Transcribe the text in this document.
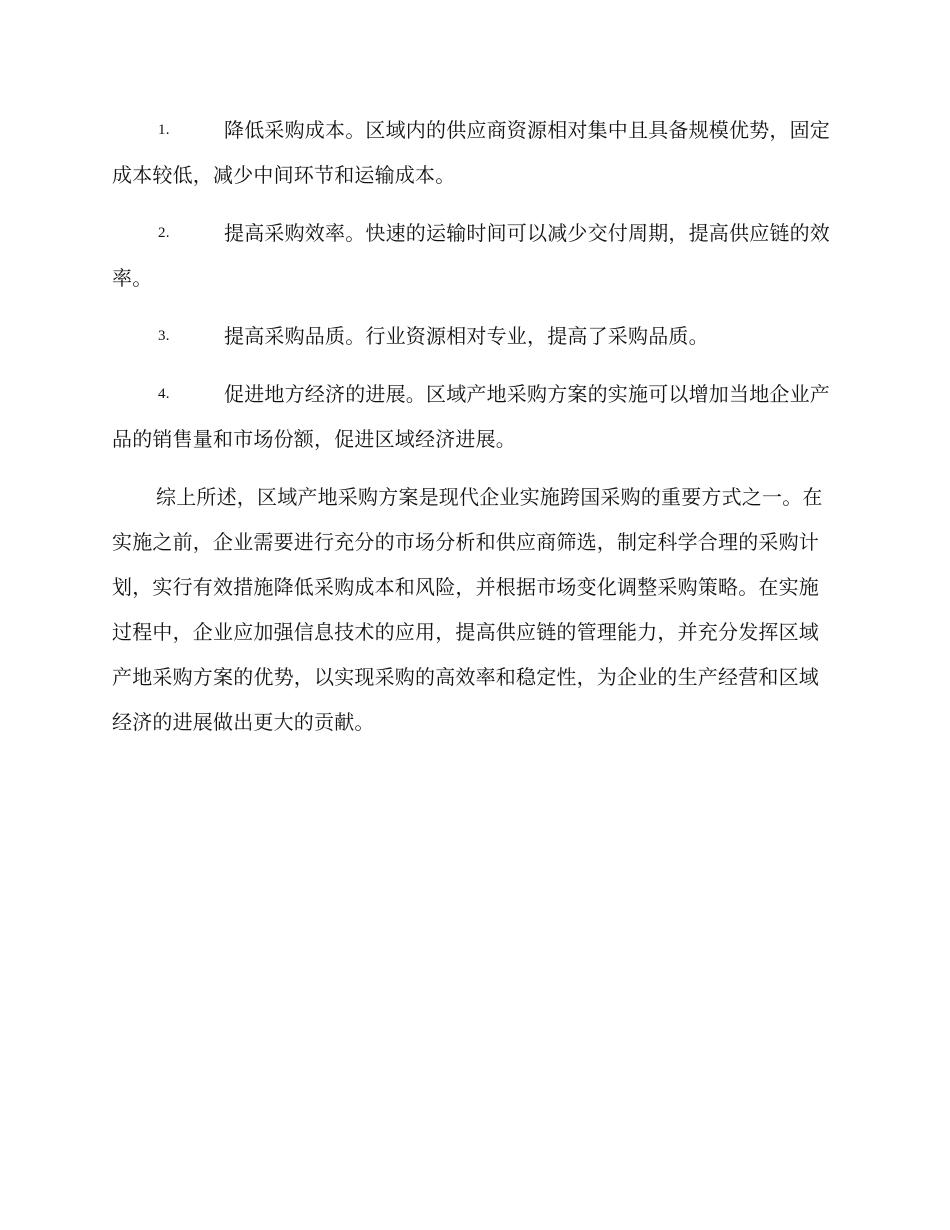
1.	降低采购成本。区域内的供应商资源相对集中且具备规模优势，固定成本较低，减少中间环节和运输成本。
2.	提高采购效率。快速的运输时间可以减少交付周期，提高供应链的效率。
3.	提高采购品质。行业资源相对专业，提高了采购品质。
4.	促进地方经济的进展。区域产地采购方案的实施可以增加当地企业产品的销售量和市场份额，促进区域经济进展。

综上所述，区域产地采购方案是现代企业实施跨国采购的重要方式之一。在实施之前，企业需要进行充分的市场分析和供应商筛选，制定科学合理的采购计划，实行有效措施降低采购成本和风险，并根据市场变化调整采购策略。在实施过程中，企业应加强信息技术的应用，提高供应链的管理能力，并充分发挥区域产地采购方案的优势，以实现采购的高效率和稳定性，为企业的生产经营和区域经济的进展做出更大的贡献。
